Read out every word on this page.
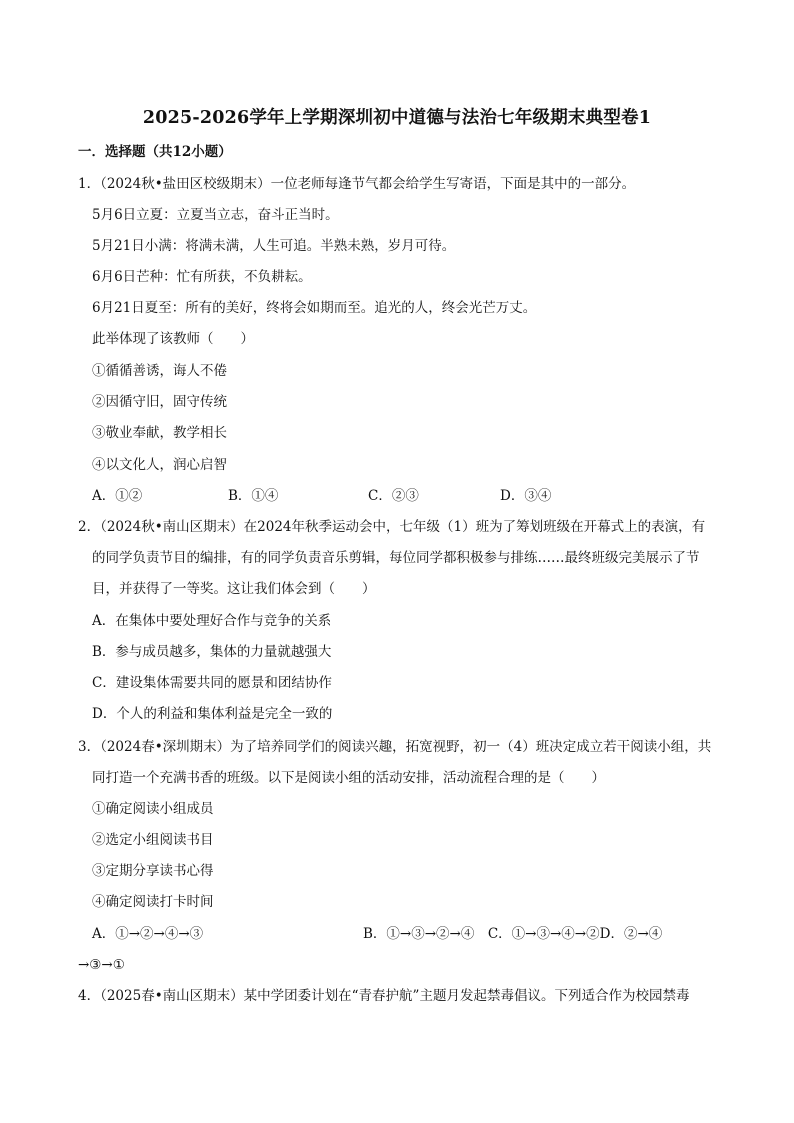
2025-2026学年上学期深圳初中道德与法治七年级期末典型卷1
一．选择题（共12小题）
1．（2024秋•盐田区校级期末）一位老师每逢节气都会给学生写寄语，下面是其中的一部分。
5月6日立夏：立夏当立志，奋斗正当时。
5月21日小满：将满未满，人生可追。半熟未熟，岁月可待。
6月6日芒种：忙有所获，不负耕耘。
6月21日夏至：所有的美好，终将会如期而至。追光的人，终会光芒万丈。
此举体现了该教师（　　）
①循循善诱，诲人不倦
②因循守旧，固守传统
③敬业奉献，教学相长
④以文化人，润心启智
A．①②	B．①④	C．②③	D．③④
2．（2024秋•南山区期末）在2024年秋季运动会中，七年级（1）班为了筹划班级在开幕式上的表演，有
的同学负责节目的编排，有的同学负责音乐剪辑，每位同学都积极参与排练……最终班级完美展示了节
目，并获得了一等奖。这让我们体会到（　　）
A．在集体中要处理好合作与竞争的关系
B．参与成员越多，集体的力量就越强大
C．建设集体需要共同的愿景和团结协作
D．个人的利益和集体利益是完全一致的
3．（2024春•深圳期末）为了培养同学们的阅读兴趣，拓宽视野，初一（4）班决定成立若干阅读小组，共
同打造一个充满书香的班级。以下是阅读小组的活动安排，活动流程合理的是（　　）
①确定阅读小组成员
②选定小组阅读书目
③定期分享读书心得
④确定阅读打卡时间
A．①→②→④→③	B．①→③→②→④　C．①→③→④→②D．②→④
→③→①
4．（2025春•南山区期末）某中学团委计划在“青春护航”主题月发起禁毒倡议。下列适合作为校园禁毒
